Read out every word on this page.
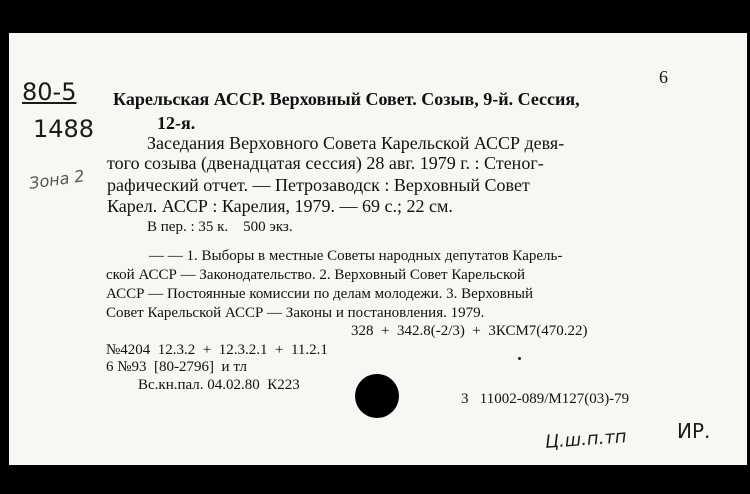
80-5
1488
Зона 2
6
Карельская АССР. Верховный Совет. Созыв, 9-й. Сессия,
12-я.
Заседания Верховного Совета Карельской АССР девя-
того созыва (двенадцатая сессия) 28 авг. 1979 г. : Стеног-
рафический отчет. — Петрозаводск : Верховный Совет
Карел. АССР : Карелия, 1979. — 69 с.; 22 см.
В пер. : 35 к.    500 экз.
— — 1. Выборы в местные Советы народных депутатов Карель-
ской АССР — Законодательство. 2. Верховный Совет Карельской
АССР — Постоянные комиссии по делам молодежи. 3. Верховный
Совет Карельской АССР — Законы и постановления. 1979.
328  +  342.8(-2/3)  +  3КСМ7(470.22)
№4204  12.3.2  +  12.3.2.1  +  11.2.1
6 №93  [80-2796]  и тл
Вс.кн.пал. 04.02.80  К223
3   11002-089/М127(03)-79
Ц.ш.п.тп ИР.
